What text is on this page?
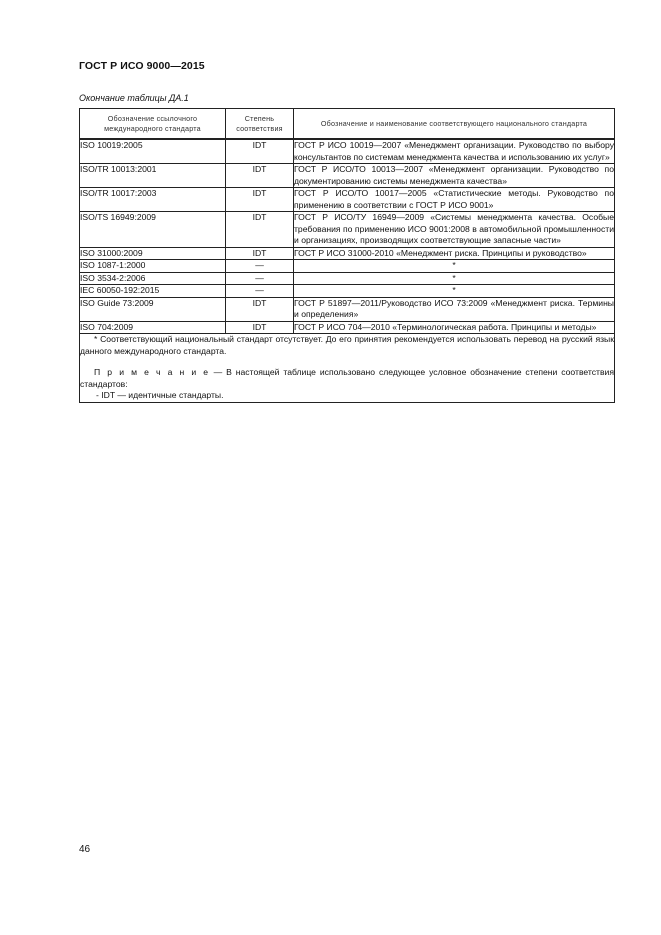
ГОСТ Р ИСО 9000—2015
Окончание таблицы ДА.1
Обозначение ссылочного международного стандарта	Степень соответствия	Обозначение и наименование соответствующего национального стандарта
ISO 10019:2005	IDT	ГОСТ Р ИСО 10019—2007 «Менеджмент организации. Руководство по выбору консультантов по системам менеджмента качества и использованию их услуг»
ISO/TR 10013:2001	IDT	ГОСТ Р ИСО/ТО 10013—2007 «Менеджмент организации. Руководство по документированию системы менеджмента качества»
ISO/TR 10017:2003	IDT	ГОСТ Р ИСО/ТО 10017—2005 «Статистические методы. Руководство по применению в соответствии с ГОСТ Р ИСО 9001»
ISO/TS 16949:2009	IDT	ГОСТ Р ИСО/ТУ 16949—2009 «Системы менеджмента качества. Особые требования по применению ИСО 9001:2008 в автомобильной промышленности и организациях, производящих соответствующие запасные части»
ISO 31000:2009	IDT	ГОСТ Р ИСО 31000-2010 «Менеджмент риска. Принципы и руководство»
ISO 1087-1:2000	—	*
ISO 3534-2:2006	—	*
IEC 60050-192:2015	—	*
ISO Guide 73:2009	IDT	ГОСТ Р 51897—2011/Руководство ИСО 73:2009 «Менеджмент риска. Термины и определения»
ISO 704:2009	IDT	ГОСТ Р ИСО 704—2010 «Терминологическая работа. Принципы и методы»

* Соответствующий национальный стандарт отсутствует. До его принятия рекомендуется использовать перевод на русский язык данного международного стандарта.

П р и м е ч а н и е — В настоящей таблице использовано следующее условное обозначение степени соответствия стандартов:

- IDT — идентичные стандарты.		

46
